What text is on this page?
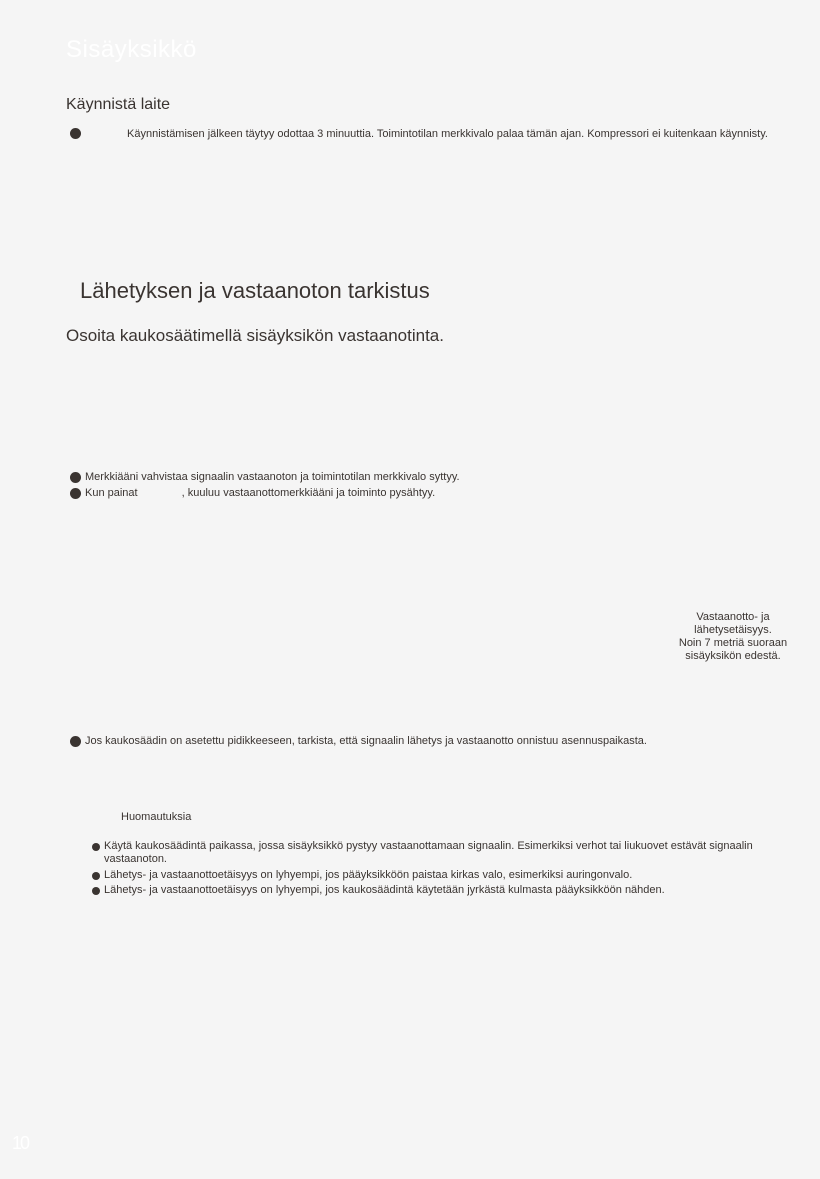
Sisäyksikkö
Käynnistä laite
Käynnistämisen jälkeen täytyy odottaa 3 minuuttia. Toimintotilan merkkivalo palaa tämän ajan. Kompressori ei kuitenkaan käynnisty.
Lähetyksen ja vastaanoton tarkistus
Osoita kaukosäätimellä sisäyksikön vastaanotinta.
Merkkiääni vahvistaa signaalin vastaanoton ja toimintotilan merkkivalo syttyy.
Kun painat	, kuuluu vastaanottomerkkiääni ja toiminto pysähtyy.
Vastaanotto- ja
lähetysetäisyys.
Noin 7 metriä suoraan
sisäyksikön edestä.
Jos kaukosäädin on asetettu pidikkeeseen, tarkista, että signaalin lähetys ja vastaanotto onnistuu asennuspaikasta.
Huomautuksia
Käytä kaukosäädintä paikassa, jossa sisäyksikkö pystyy vastaanottamaan signaalin. Esimerkiksi verhot tai liukuovet estävät signaalin vastaanoton.
Lähetys- ja vastaanottoetäisyys on lyhyempi, jos pääyksikköön paistaa kirkas valo, esimerkiksi auringonvalo.
Lähetys- ja vastaanottoetäisyys on lyhyempi, jos kaukosäädintä käytetään jyrkästä kulmasta pääyksikköön nähden.
10
